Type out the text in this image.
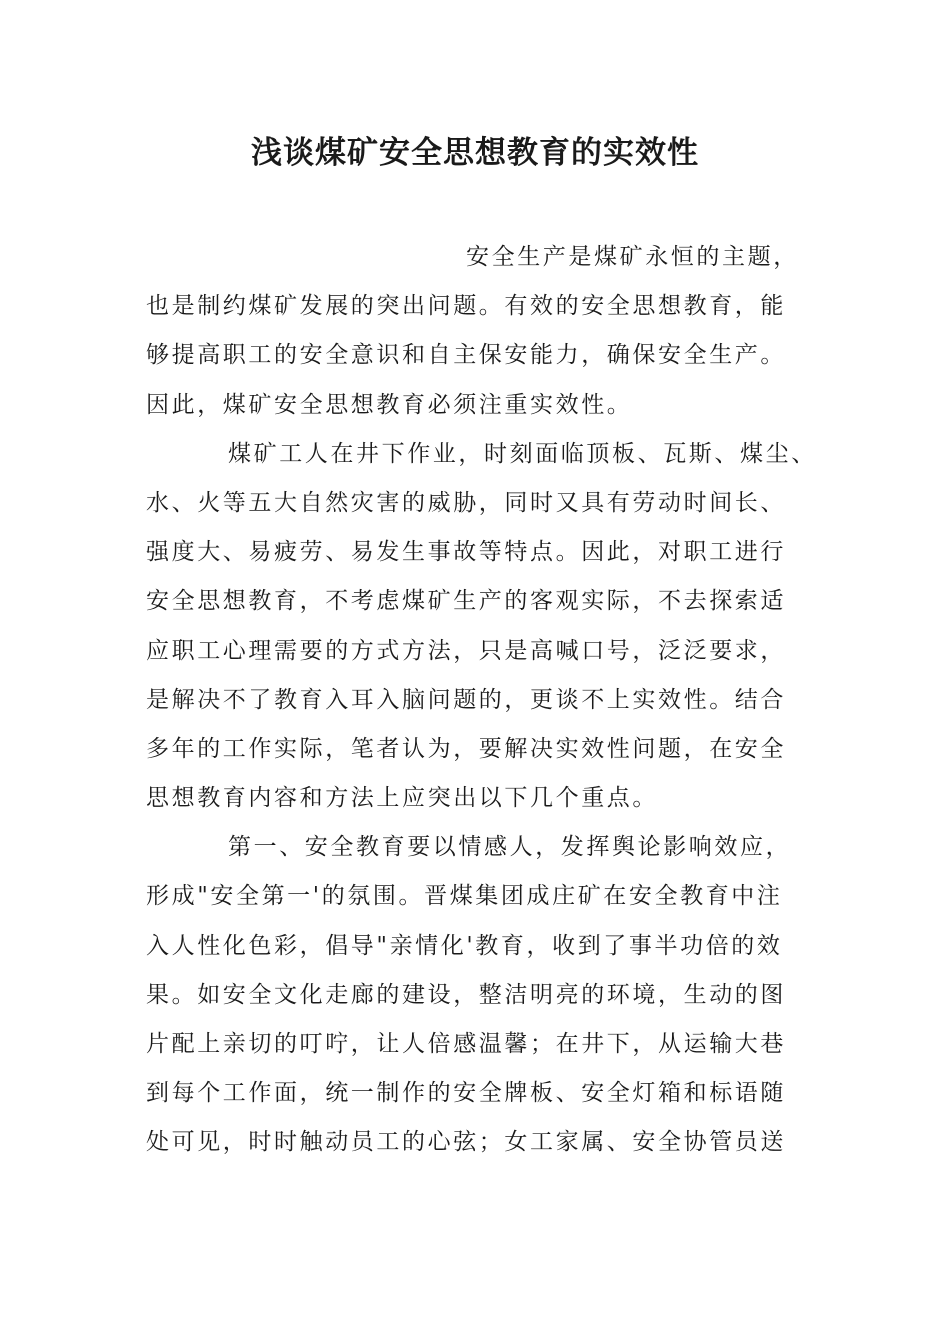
浅谈煤矿安全思想教育的实效性
安全生产是煤矿永恒的主题，
也是制约煤矿发展的突出问题。有效的安全思想教育，能
够提高职工的安全意识和自主保安能力，确保安全生产。
因此，煤矿安全思想教育必须注重实效性。
煤矿工人在井下作业，时刻面临顶板、瓦斯、煤尘、
水、火等五大自然灾害的威胁，同时又具有劳动时间长、
强度大、易疲劳、易发生事故等特点。因此，对职工进行
安全思想教育，不考虑煤矿生产的客观实际，不去探索适
应职工心理需要的方式方法，只是高喊口号，泛泛要求，
是解决不了教育入耳入脑问题的，更谈不上实效性。结合
多年的工作实际，笔者认为，要解决实效性问题，在安全
思想教育内容和方法上应突出以下几个重点。
第一、安全教育要以情感人，发挥舆论影响效应，
形成"安全第一'的氛围。晋煤集团成庄矿在安全教育中注
入人性化色彩，倡导"亲情化'教育，收到了事半功倍的效
果。如安全文化走廊的建设，整洁明亮的环境，生动的图
片配上亲切的叮咛，让人倍感温馨；在井下，从运输大巷
到每个工作面，统一制作的安全牌板、安全灯箱和标语随
处可见，时时触动员工的心弦；女工家属、安全协管员送
